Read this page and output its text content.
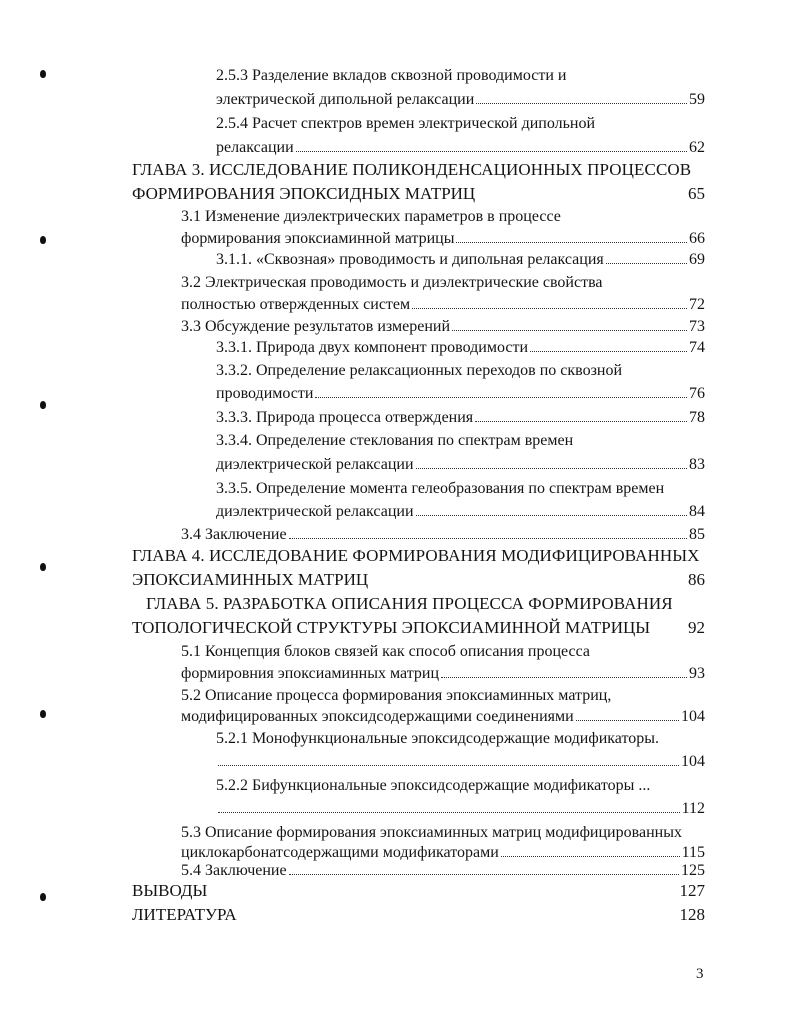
2.5.3 Разделение вкладов сквозной проводимости и
электрической дипольной релаксации	59
2.5.4 Расчет спектров времен электрической дипольной
релаксации	62
ГЛАВА 3. ИССЛЕДОВАНИЕ ПОЛИКОНДЕНСАЦИОННЫХ ПРОЦЕССОВ
ФОРМИРОВАНИЯ ЭПОКСИДНЫХ МАТРИЦ	65
3.1 Изменение диэлектрических параметров в процессе
формирования эпоксиаминной матрицы	66
3.1.1. «Сквозная» проводимость и дипольная релаксация	69
3.2 Электрическая проводимость и диэлектрические свойства
полностью отвержденных систем	72
3.3 Обсуждение результатов измерений	73
3.3.1. Природа двух компонент проводимости	74
3.3.2. Определение релаксационных переходов по сквозной
проводимости	76
3.3.3. Природа процесса отверждения	78
3.3.4. Определение стеклования по спектрам времен
диэлектрической релаксации	83
3.3.5. Определение момента гелеобразования по спектрам времен
диэлектрической релаксации	84
3.4 Заключение	85
ГЛАВА 4. ИССЛЕДОВАНИЕ ФОРМИРОВАНИЯ МОДИФИЦИРОВАННЫХ
ЭПОКСИАМИННЫХ МАТРИЦ	86
ГЛАВА 5. РАЗРАБОТКА ОПИСАНИЯ ПРОЦЕССА ФОРМИРОВАНИЯ
ТОПОЛОГИЧЕСКОЙ СТРУКТУРЫ ЭПОКСИАМИННОЙ МАТРИЦЫ 92
5.1 Концепция блоков связей как способ описания процесса
формировния эпоксиаминных матриц	93
5.2 Описание процесса формирования эпоксиаминных матриц,
модифицированных эпоксидсодержащими соединениями	104
5.2.1 Монофункциональные эпоксидсодержащие модификаторы.
104
5.2.2 Бифункциональные эпоксидсодержащие модификаторы ...
112
5.3 Описание формирования эпоксиаминных матриц модифицированных
циклокарбонатсодержащими модификаторами	115
5.4 Заключение	125
ВЫВОДЫ	127
ЛИТЕРАТУРА	128
3
